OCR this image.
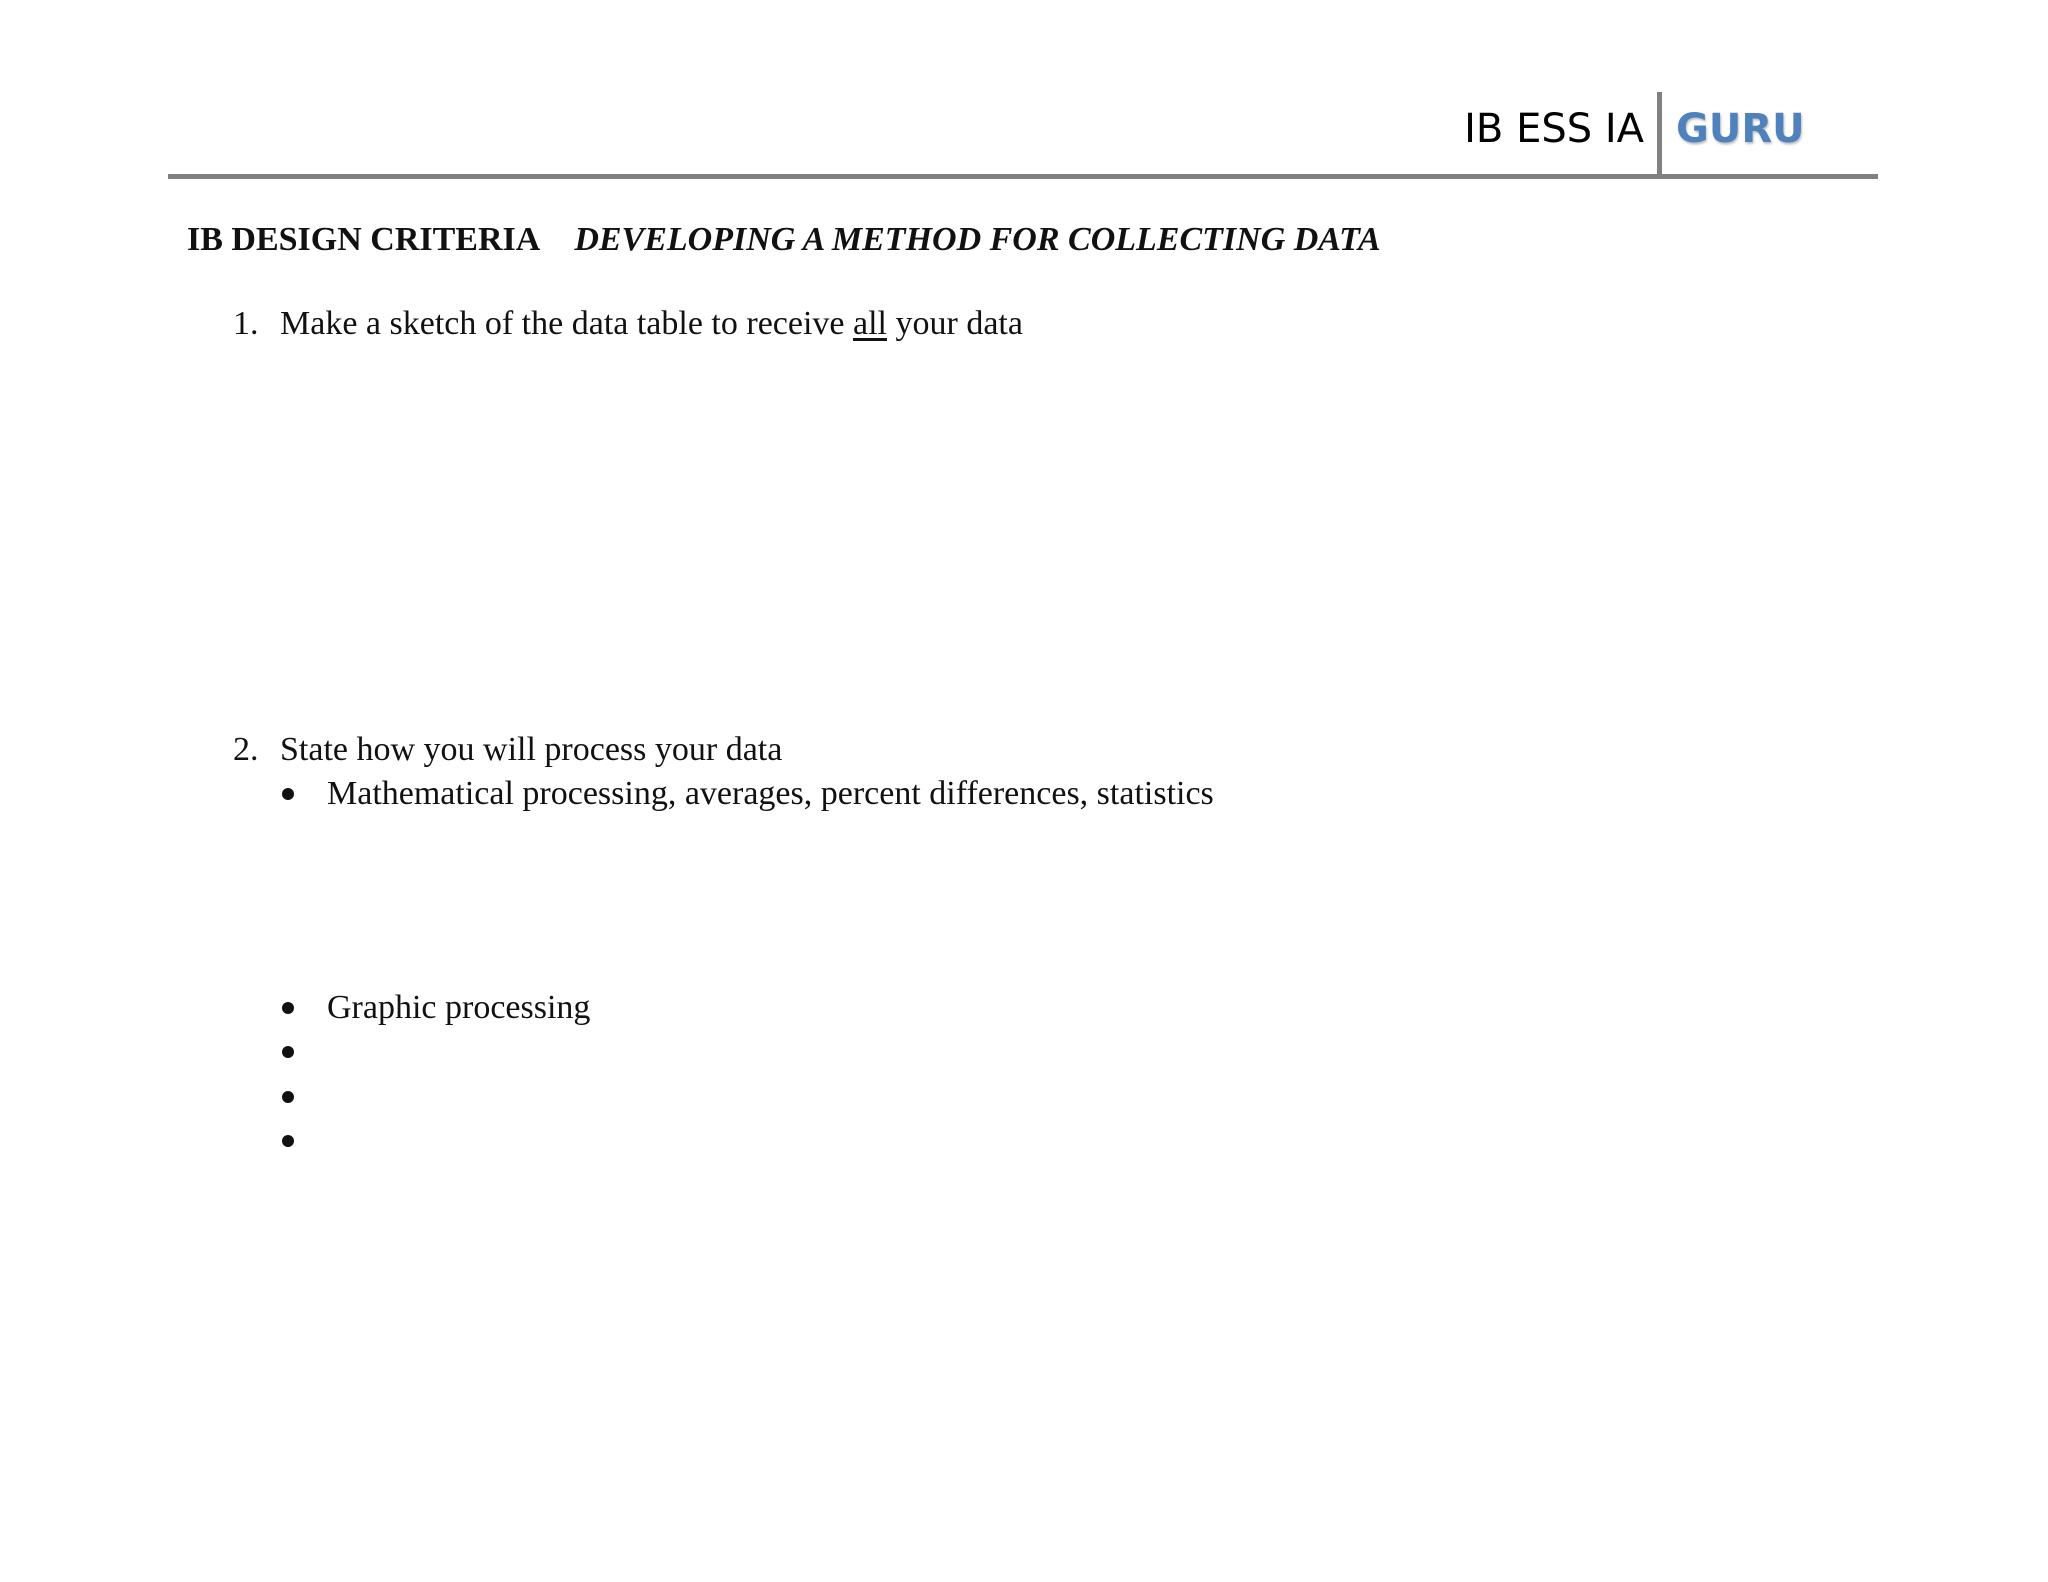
IB ESS IA GURU
IB DESIGN CRITERIA DEVELOPING A METHOD FOR COLLECTING DATA
1. Make a sketch of the data table to receive all your data
2. State how you will process your data
Mathematical processing, averages, percent differences, statistics
Graphic processing
